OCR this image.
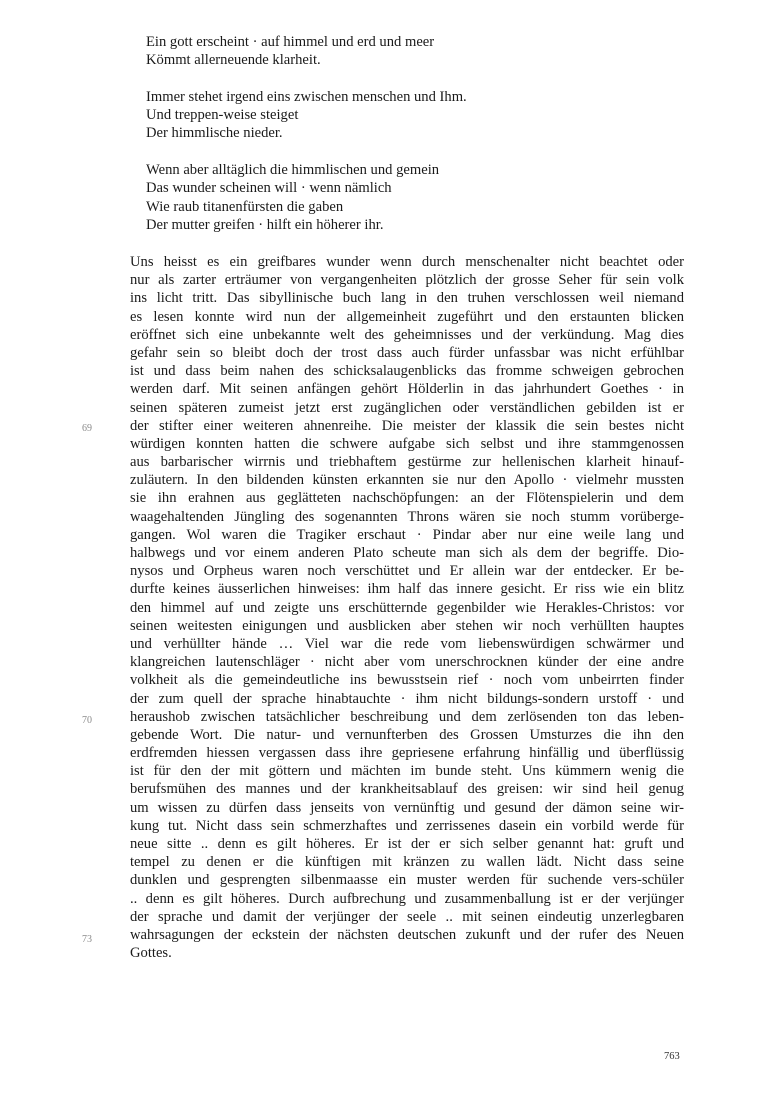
Ein gott erscheint · auf himmel und erd und meer
Kömmt allerneuende klarheit.
Immer stehet irgend eins zwischen menschen und Ihm.
Und treppen-weise steiget
Der himmlische nieder.
Wenn aber alltäglich die himmlischen und gemein
Das wunder scheinen will · wenn nämlich
Wie raub titanenfürsten die gaben
Der mutter greifen · hilft ein höherer ihr.
Uns heisst es ein greifbares wunder wenn durch menschenalter nicht beachtet oder
nur als zarter erträumer von vergangenheiten plötzlich der grosse Seher für sein volk
ins licht tritt. Das sibyllinische buch lang in den truhen verschlossen weil niemand
es lesen konnte wird nun der allgemeinheit zugeführt und den erstaunten blicken
eröffnet sich eine unbekannte welt des geheimnisses und der verkündung. Mag dies
gefahr sein so bleibt doch der trost dass auch fürder unfassbar was nicht erfühlbar
ist und dass beim nahen des schicksalaugenblicks das fromme schweigen gebrochen
werden darf. Mit seinen anfängen gehört Hölderlin in das jahrhundert Goethes · in
seinen späteren zumeist jetzt erst zugänglichen oder verständlichen gebilden ist er
der stifter einer weiteren ahnenreihe. Die meister der klassik die sein bestes nicht
würdigen konnten hatten die schwere aufgabe sich selbst und ihre stammgenossen
aus barbarischer wirrnis und triebhaftem gestürme zur hellenischen klarheit hinauf-
zuläutern. In den bildenden künsten erkannten sie nur den Apollo · vielmehr mussten
sie ihn erahnen aus geglätteten nachschöpfungen: an der Flötenspielerin und dem
waagehaltenden Jüngling des sogenannten Throns wären sie noch stumm vorüberge-
gangen. Wol waren die Tragiker erschaut · Pindar aber nur eine weile lang und
halbwegs und vor einem anderen Plato scheute man sich als dem der begriffe. Dio-
nysos und Orpheus waren noch verschüttet und Er allein war der entdecker. Er be-
durfte keines äusserlichen hinweises: ihm half das innere gesicht. Er riss wie ein blitz
den himmel auf und zeigte uns erschütternde gegenbilder wie Herakles-Christos: vor
seinen weitesten einigungen und ausblicken aber stehen wir noch verhüllten hauptes
und verhüllter hände … Viel war die rede vom liebenswürdigen schwärmer und
klangreichen lautenschläger · nicht aber vom unerschrocknen künder der eine andre
volkheit als die gemeindeutliche ins bewusstsein rief · noch vom unbeirrten finder
der zum quell der sprache hinabtauchte · ihm nicht bildungs-sondern urstoff · und
heraushob zwischen tatsächlicher beschreibung und dem zerlösenden ton das leben-
gebende Wort. Die natur- und vernunfterben des Grossen Umsturzes die ihn den
erdfremden hiessen vergassen dass ihre gepriesene erfahrung hinfällig und überflüssig
ist für den der mit göttern und mächten im bunde steht. Uns kümmern wenig die
berufsmühen des mannes und der krankheitsablauf des greisen: wir sind heil genug
um wissen zu dürfen dass jenseits von vernünftig und gesund der dämon seine wir-
kung tut. Nicht dass sein schmerzhaftes und zerrissenes dasein ein vorbild werde für
neue sitte .. denn es gilt höheres. Er ist der er sich selber genannt hat: gruft und
tempel zu denen er die künftigen mit kränzen zu wallen lädt. Nicht dass seine
dunklen und gesprengten silbenmaasse ein muster werden für suchende vers-schüler
.. denn es gilt höheres. Durch aufbrechung und zusammenballung ist er der verjünger
der sprache und damit der verjünger der seele .. mit seinen eindeutig unzerlegbaren
wahrsagungen der eckstein der nächsten deutschen zukunft und der rufer des Neuen
Gottes.
69
70
73
763
